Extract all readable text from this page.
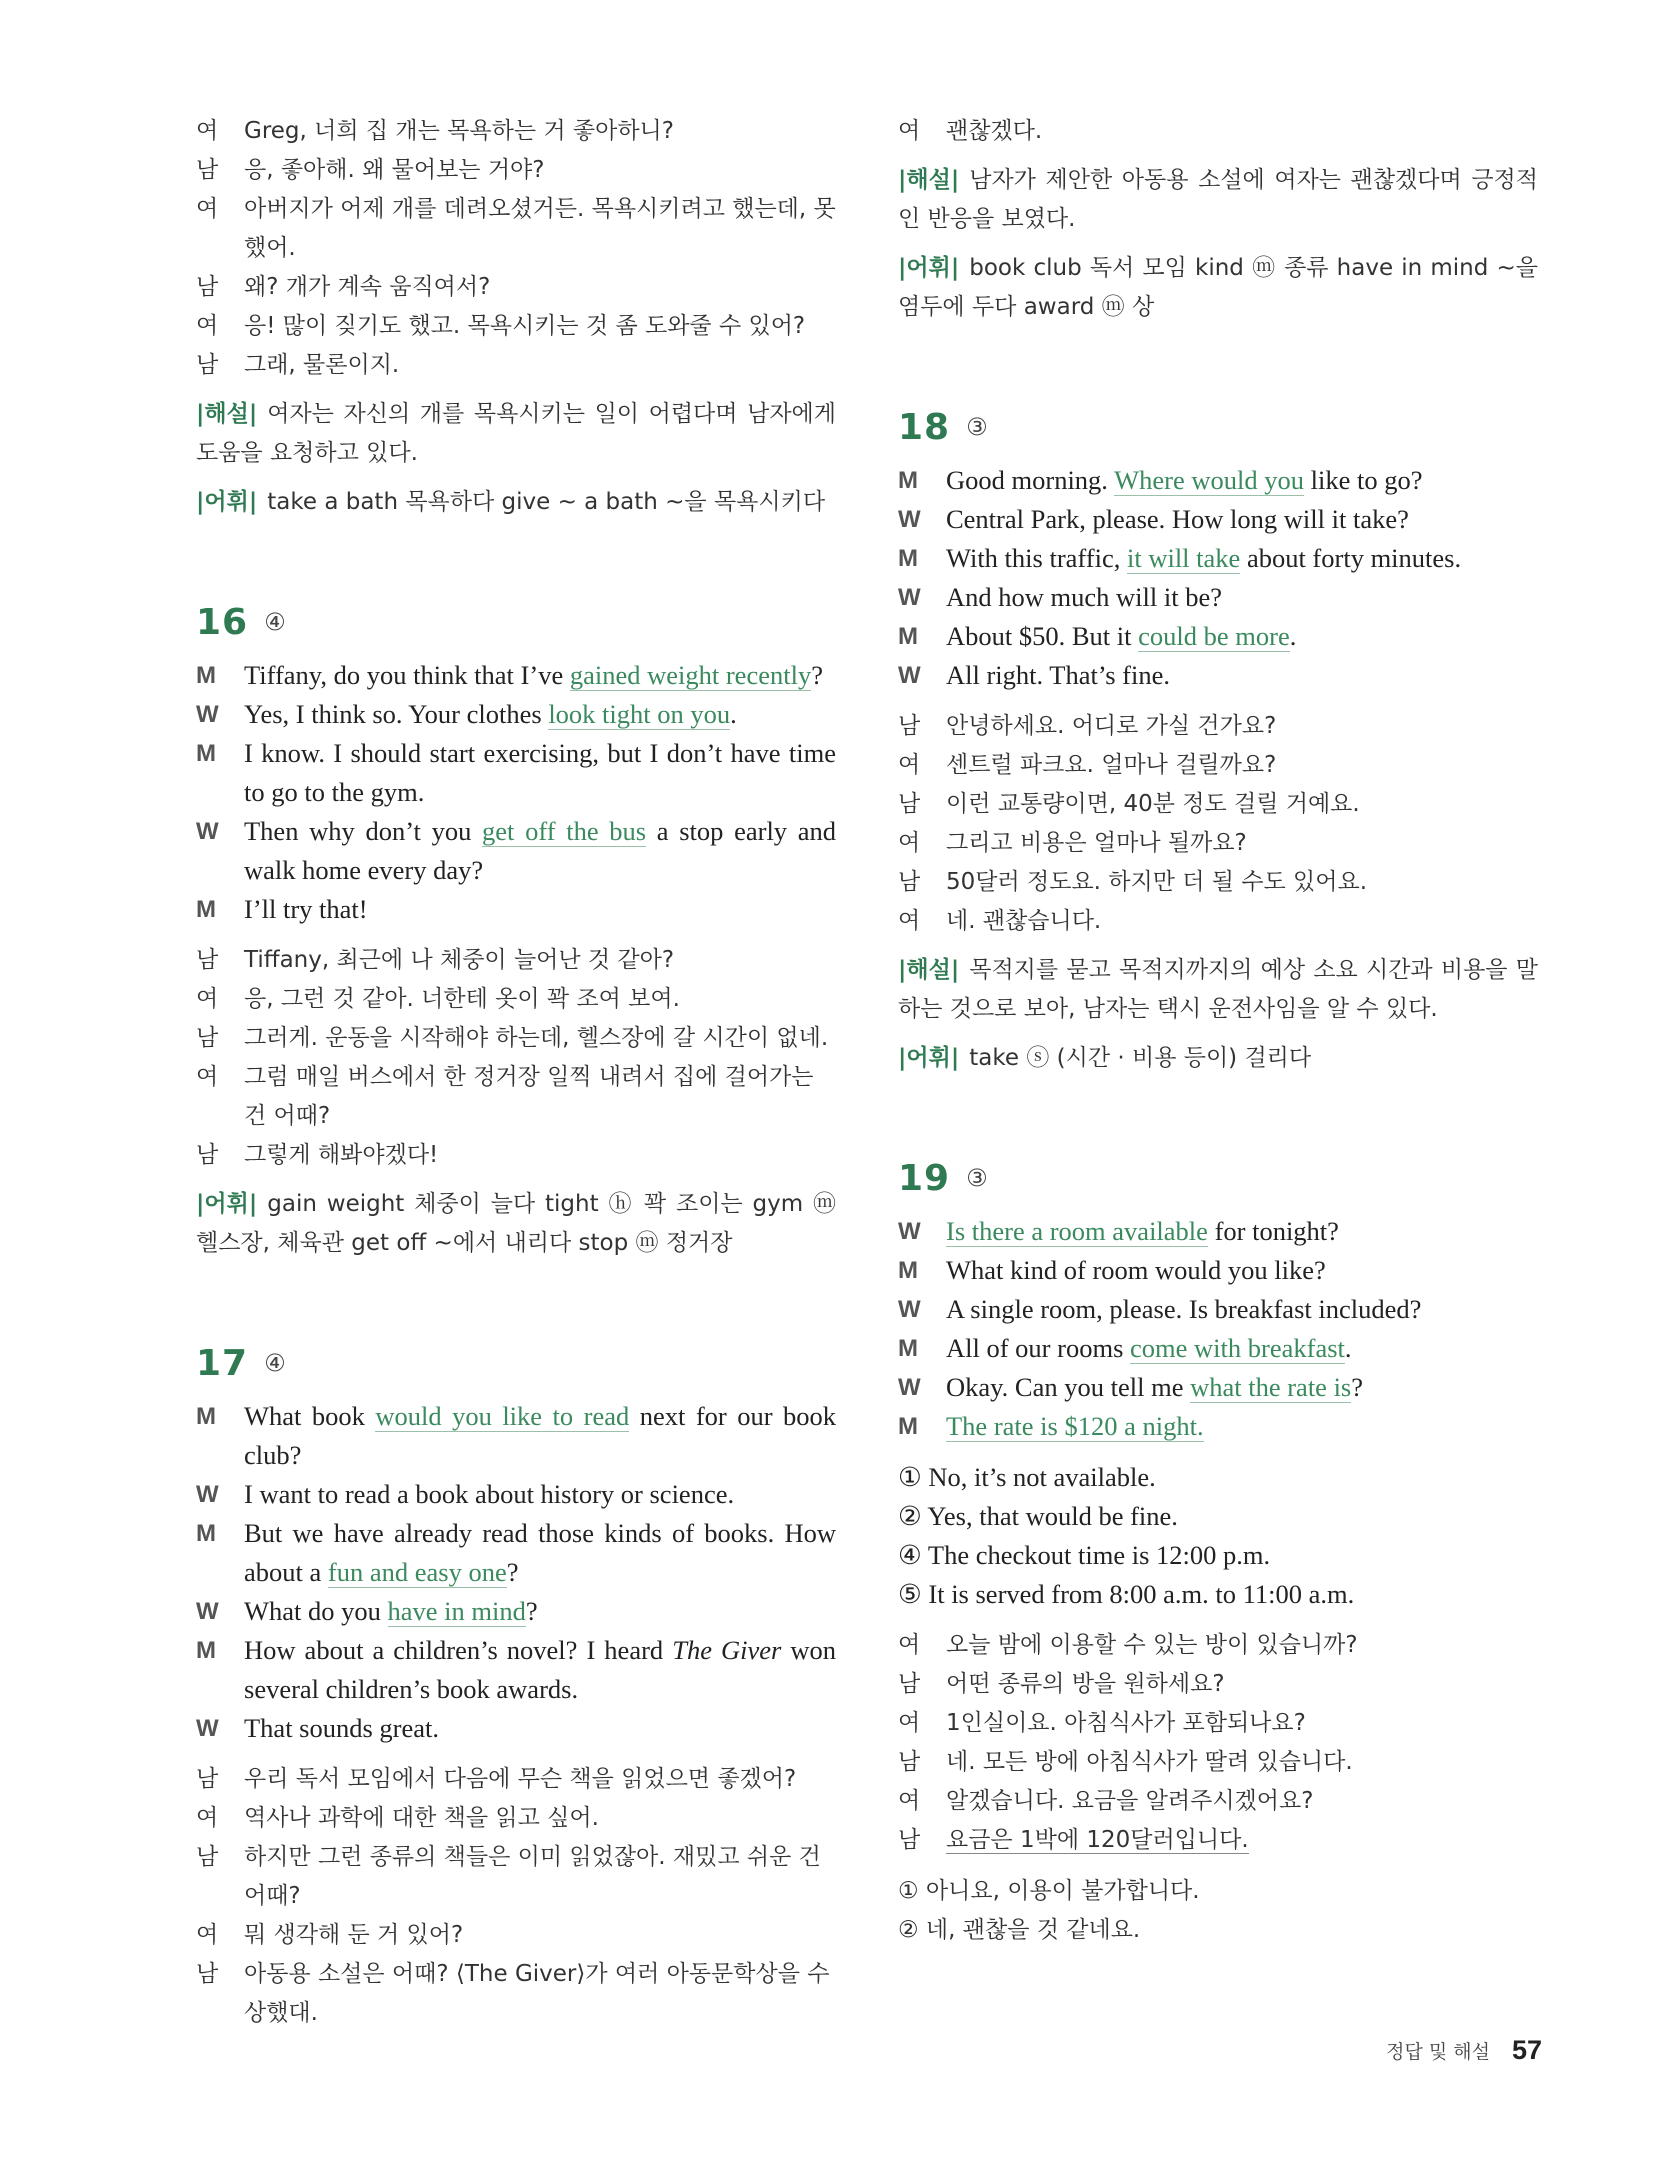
여	Greg, 너희 집 개는 목욕하는 거 좋아하니?
남	응, 좋아해. 왜 물어보는 거야?
여	아버지가 어제 개를 데려오셨거든. 목욕시키려고 했는데, 못 했어.
남	왜? 개가 계속 움직여서?
여	응! 많이 짖기도 했고. 목욕시키는 것 좀 도와줄 수 있어?
남	그래, 물론이지.
|해설| 여자는 자신의 개를 목욕시키는 일이 어렵다며 남자에게 도움을 요청하고 있다.
|어휘| take a bath 목욕하다 give ~ a bath ~을 목욕시키다
16 ④
M	Tiffany, do you think that I’ve gained weight recently?
W Yes, I think so. Your clothes look tight on you.
M	I know. I should start exercising, but I don’t have time to go to the gym.
W Then why don’t you get off the bus a stop early and walk home every day?
M	I’ll try that!
남	Tiffany, 최근에 나 체중이 늘어난 것 같아?
여	응, 그런 것 같아. 너한테 옷이 꽉 조여 보여.
남	그러게. 운동을 시작해야 하는데, 헬스장에 갈 시간이 없네.
여	그럼 매일 버스에서 한 정거장 일찍 내려서 집에 걸어가는 건 어때?
남	그렇게 해봐야겠다!
|어휘| gain weight 체중이 늘다 tight ⓗ 꽉 조이는 gym ⓜ 헬스장, 체육관 get off ~에서 내리다 stop ⓜ 정거장
17 ④
M	What book would you like to read next for our book club?
W I want to read a book about history or science.
M	But we have already read those kinds of books. How about a fun and easy one?
W What do you have in mind?
M	How about a children’s novel? I heard The Giver won several children’s book awards.
W That sounds great.
남	우리 독서 모임에서 다음에 무슨 책을 읽었으면 좋겠어?
여	역사나 과학에 대한 책을 읽고 싶어.
남	하지만 그런 종류의 책들은 이미 읽었잖아. 재밌고 쉬운 건 어때?
여	뭐 생각해 둔 거 있어?
남	아동용 소설은 어때? ⟨The Giver⟩가 여러 아동문학상을 수상했대.
여	괜찮겠다.
|해설| 남자가 제안한 아동용 소설에 여자는 괜찮겠다며 긍정적인 반응을 보였다.
|어휘| book club 독서 모임 kind ⓜ 종류 have in mind ~을 염두에 두다 award ⓜ 상
18 ③
M	Good morning. Where would you like to go?
W Central Park, please. How long will it take?
M	With this traffic, it will take about forty minutes.
W And how much will it be?
M	About $50. But it could be more.
W All right. That’s fine.
남	안녕하세요. 어디로 가실 건가요?
여	센트럴 파크요. 얼마나 걸릴까요?
남	이런 교통량이면, 40분 정도 걸릴 거예요.
여	그리고 비용은 얼마나 될까요?
남	50달러 정도요. 하지만 더 될 수도 있어요.
여	네. 괜찮습니다.
|해설| 목적지를 묻고 목적지까지의 예상 소요 시간과 비용을 말하는 것으로 보아, 남자는 택시 운전사임을 알 수 있다.
|어휘| take ⓢ (시간 · 비용 등이) 걸리다
19 ③
W Is there a room available for tonight?
M	What kind of room would you like?
W A single room, please. Is breakfast included?
M	All of our rooms come with breakfast.
W Okay. Can you tell me what the rate is?
M	The rate is $120 a night.
① No, it’s not available.
② Yes, that would be fine.
④ The checkout time is 12:00 p.m.
⑤ It is served from 8:00 a.m. to 11:00 a.m.
여	오늘 밤에 이용할 수 있는 방이 있습니까?
남	어떤 종류의 방을 원하세요?
여	1인실이요. 아침식사가 포함되나요?
남	네. 모든 방에 아침식사가 딸려 있습니다.
여	알겠습니다. 요금을 알려주시겠어요?
남	요금은 1박에 120달러입니다.
① 아니요, 이용이 불가합니다.
② 네, 괜찮을 것 같네요.
정답 및 해설 57
